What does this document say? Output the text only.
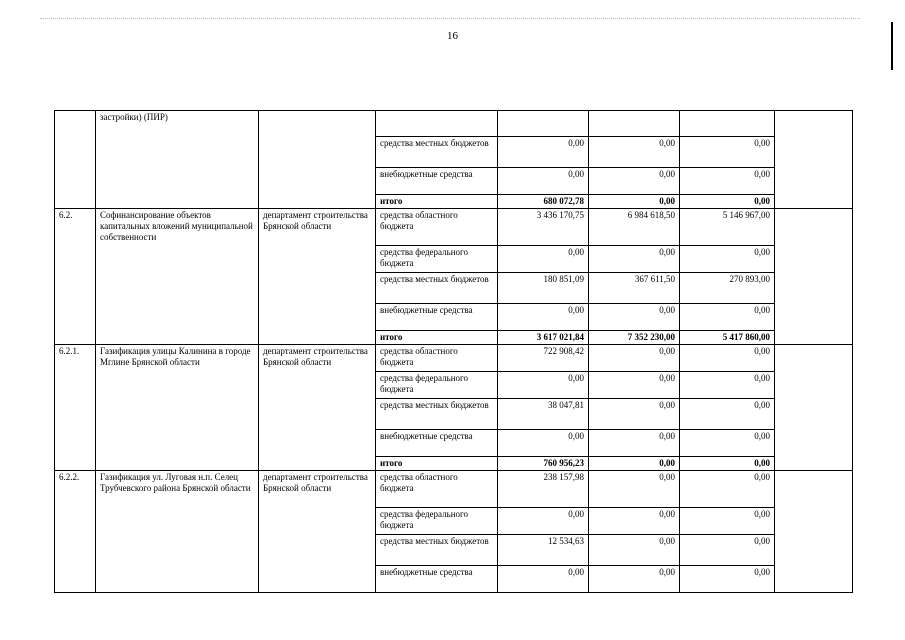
16
	застройки) (ПИР)						
			средства местных бюджетов	0,00	0,00	0,00	
			внебюджетные средства	0,00	0,00	0,00	
			итого	680 072,78	0,00	0,00	
6.2.	Софинансирование объектов капитальных вложений муниципальной собственности	департамент строительства Брянской области	средства областного бюджета	3 436 170,75	6 984 618,50	5 146 967,00	
			средства федерального бюджета	0,00	0,00	0,00	
			средства местных бюджетов	180 851,09	367 611,50	270 893,00	
			внебюджетные средства	0,00	0,00	0,00	
			итого	3 617 021,84	7 352 230,00	5 417 860,00	
6.2.1.	Газификация улицы Калинина в городе Мглине Брянской области	департамент строительства Брянской области	средства областного бюджета	722 908,42	0,00	0,00	
			средства федерального бюджета	0,00	0,00	0,00	
			средства местных бюджетов	38 047,81	0,00	0,00	
			внебюджетные средства	0,00	0,00	0,00	
			итого	760 956,23	0,00	0,00	
6.2.2.	Газификация ул. Луговая н.п. Селец Трубчевского района Брянской области	департамент строительства Брянской области	средства областного бюджета	238 157,98	0,00	0,00	
			средства федерального бюджета	0,00	0,00	0,00	
			средства местных бюджетов	12 534,63	0,00	0,00	
			внебюджетные средства	0,00	0,00	0,00	
